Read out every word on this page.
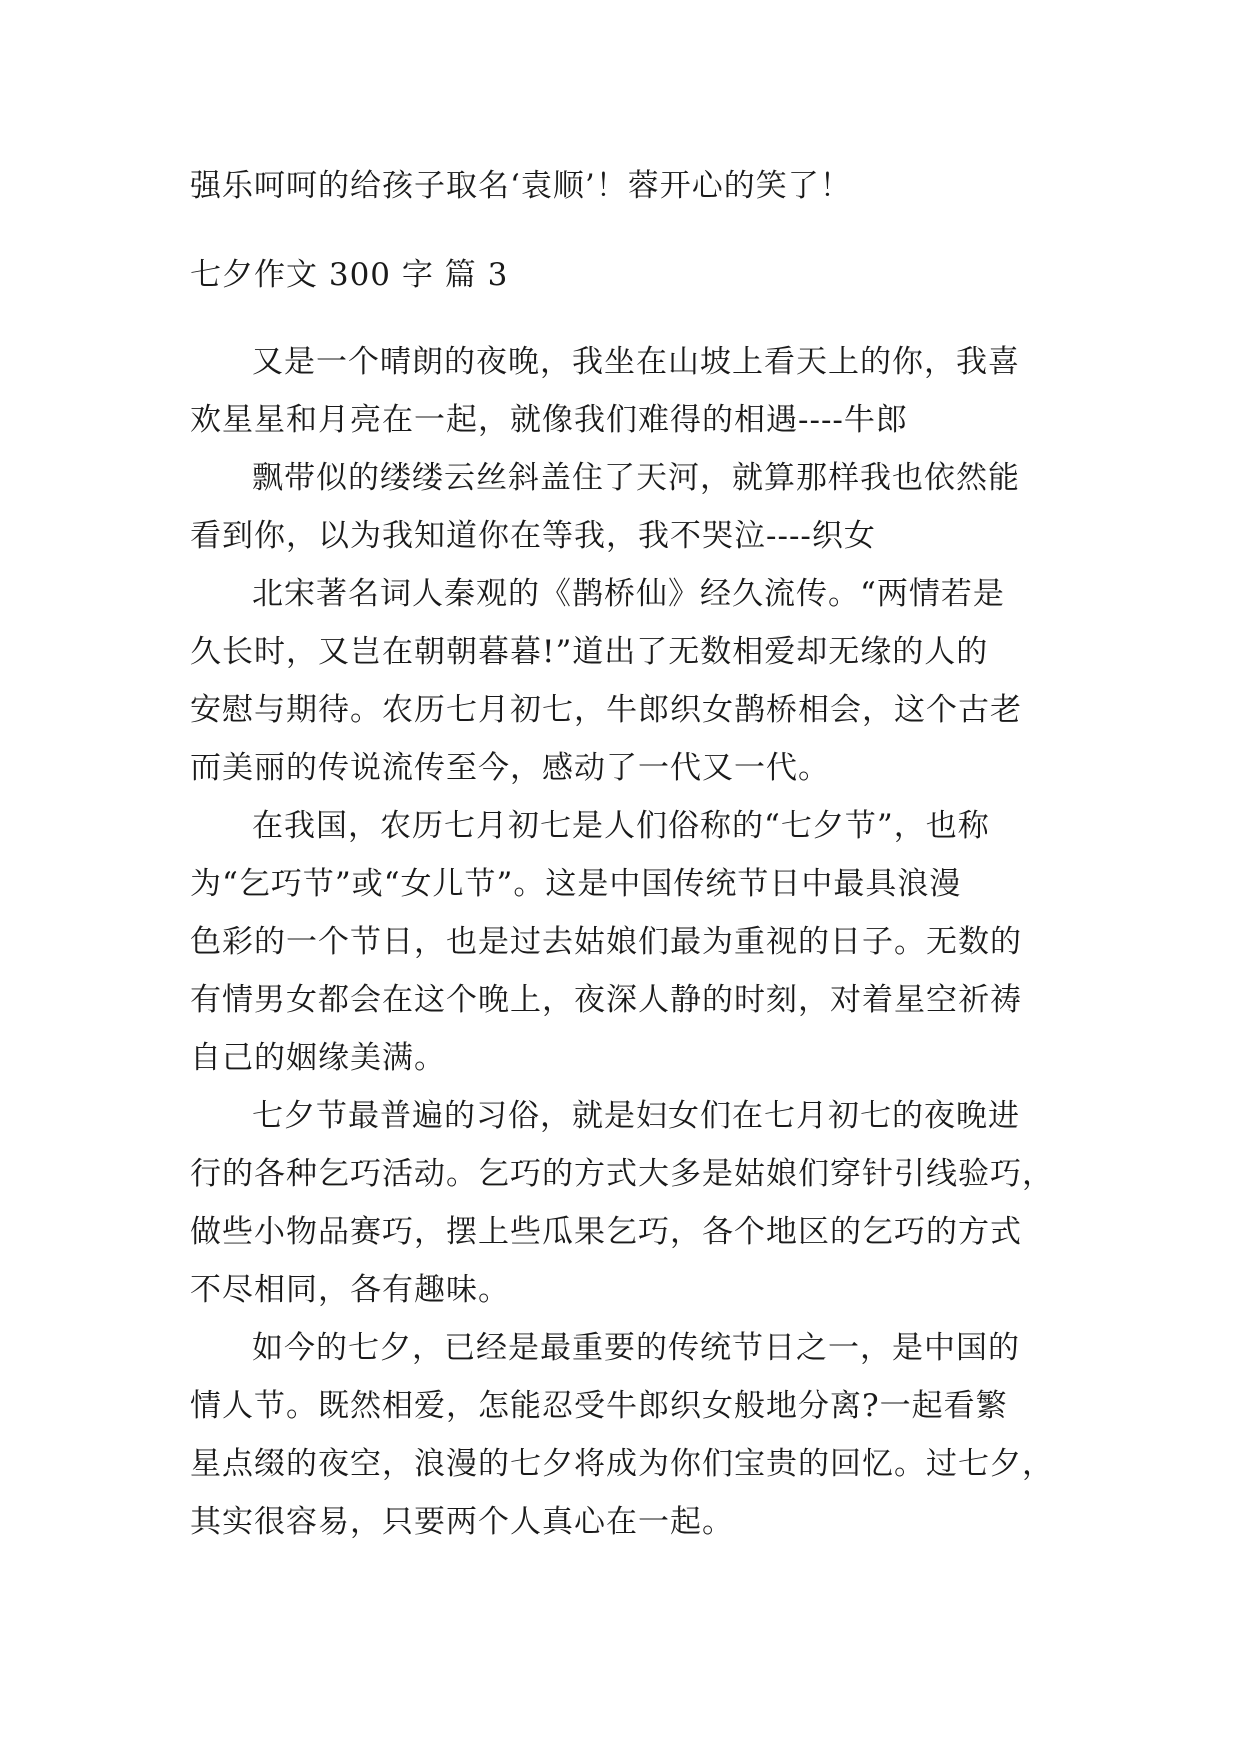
强乐呵呵的给孩子取名‘袁顺’！蓉开心的笑了！
七夕作文 300 字 篇 3
又是一个晴朗的夜晚，我坐在山坡上看天上的你，我喜
欢星星和月亮在一起，就像我们难得的相遇----牛郎
飘带似的缕缕云丝斜盖住了天河，就算那样我也依然能
看到你，以为我知道你在等我，我不哭泣----织女
北宋著名词人秦观的《鹊桥仙》经久流传。“两情若是
久长时，又岂在朝朝暮暮!”道出了无数相爱却无缘的人的
安慰与期待。农历七月初七，牛郎织女鹊桥相会，这个古老
而美丽的传说流传至今，感动了一代又一代。
在我国，农历七月初七是人们俗称的“七夕节”，也称
为“乞巧节”或“女儿节”。这是中国传统节日中最具浪漫
色彩的一个节日，也是过去姑娘们最为重视的日子。无数的
有情男女都会在这个晚上，夜深人静的时刻，对着星空祈祷
自己的姻缘美满。
七夕节最普遍的习俗，就是妇女们在七月初七的夜晚进
行的各种乞巧活动。乞巧的方式大多是姑娘们穿针引线验巧，
做些小物品赛巧，摆上些瓜果乞巧，各个地区的乞巧的方式
不尽相同，各有趣味。
如今的七夕，已经是最重要的传统节日之一，是中国的
情人节。既然相爱，怎能忍受牛郎织女般地分离?一起看繁
星点缀的夜空，浪漫的七夕将成为你们宝贵的回忆。过七夕，
其实很容易，只要两个人真心在一起。
